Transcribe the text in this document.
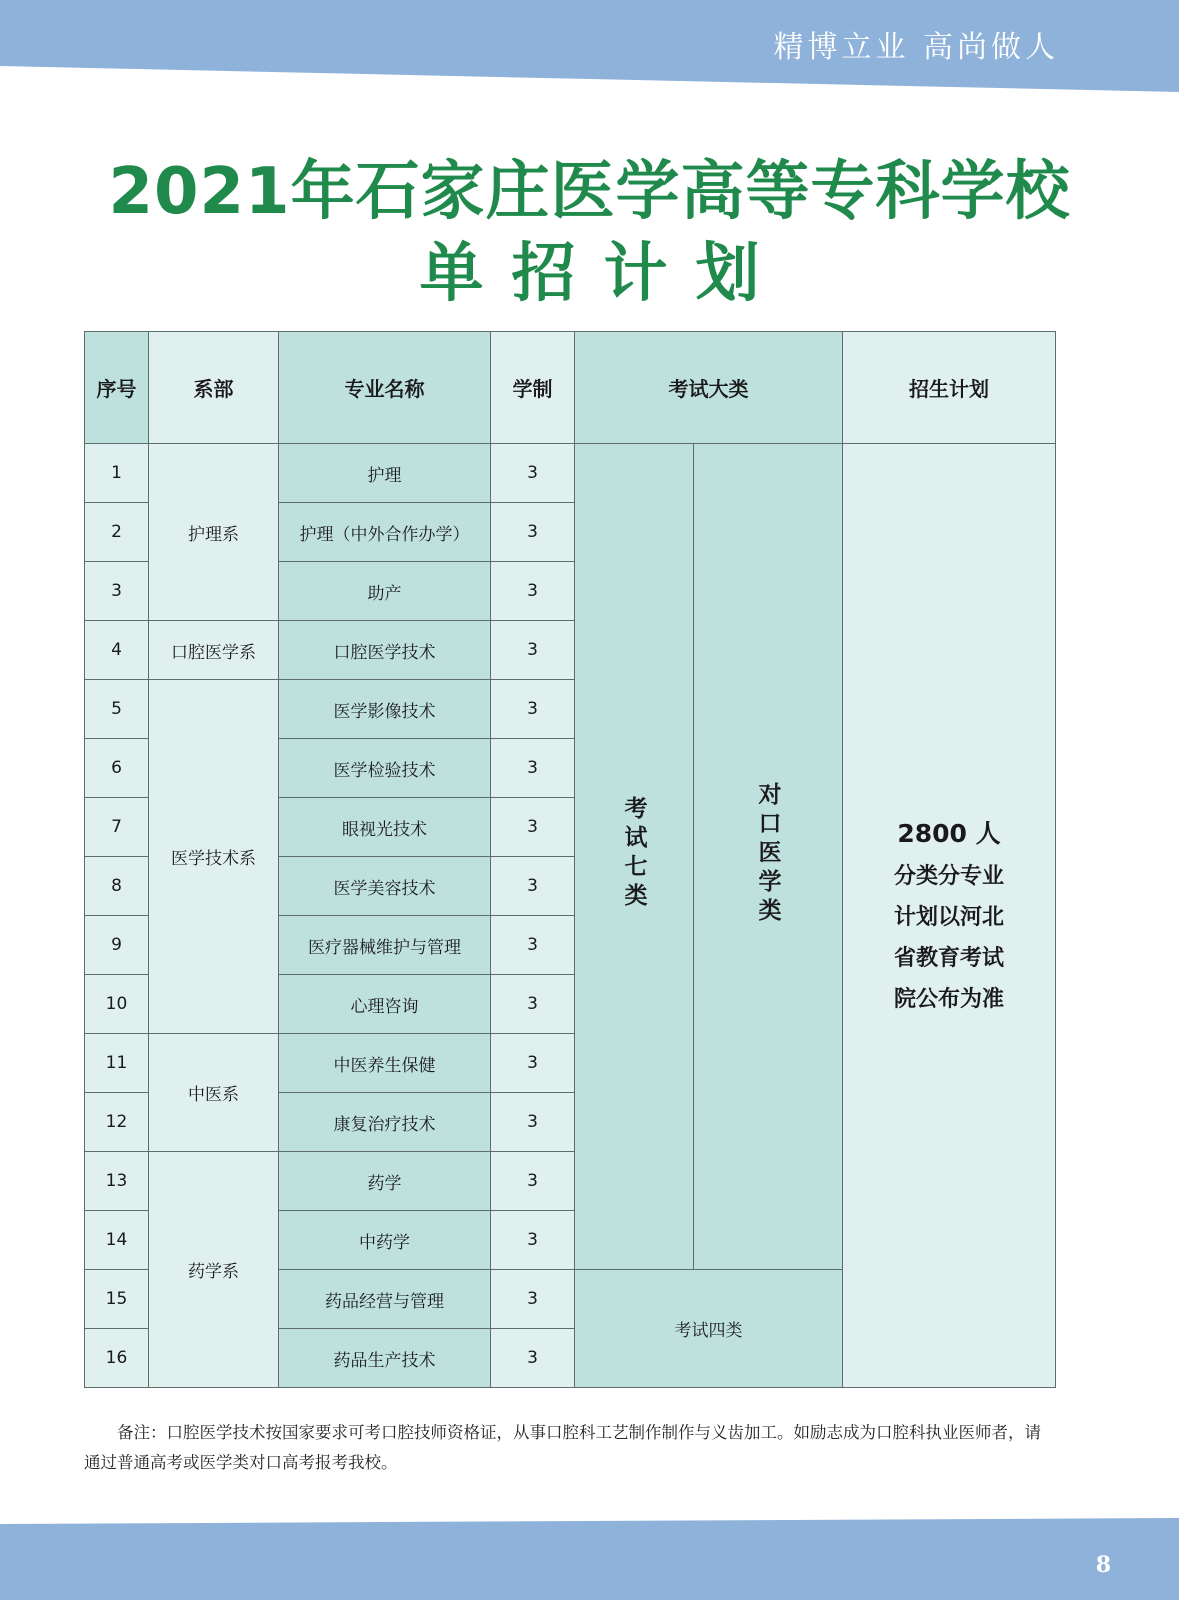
精博立业 高尚做人
2021年石家庄医学高等专科学校
单招计划
序号	系部	专业名称	学制	考试大类		招生计划
1	护理系	护理	3	考试七类	对口医学类	2800 人
分类分专业
计划以河北
省教育考试
院公布为准

2		护理（中外合作办学）	3			
3		助产	3			
4	口腔医学系	口腔医学技术	3			
5	医学技术系	医学影像技术	3			
6		医学检验技术	3			
7		眼视光技术	3			
8		医学美容技术	3			
9		医疗器械维护与管理	3			
10		心理咨询	3			
11	中医系	中医养生保健	3			
12		康复治疗技术	3			
13	药学系	药学	3			
14		中药学	3			
15		药品经营与管理	3	考试四类		
16		药品生产技术	3			
备注：口腔医学技术按国家要求可考口腔技师资格证，从事口腔科工艺制作制作与义齿加工。如励志成为口腔科执业医师者，请通过普通高考或医学类对口高考报考我校。
8
